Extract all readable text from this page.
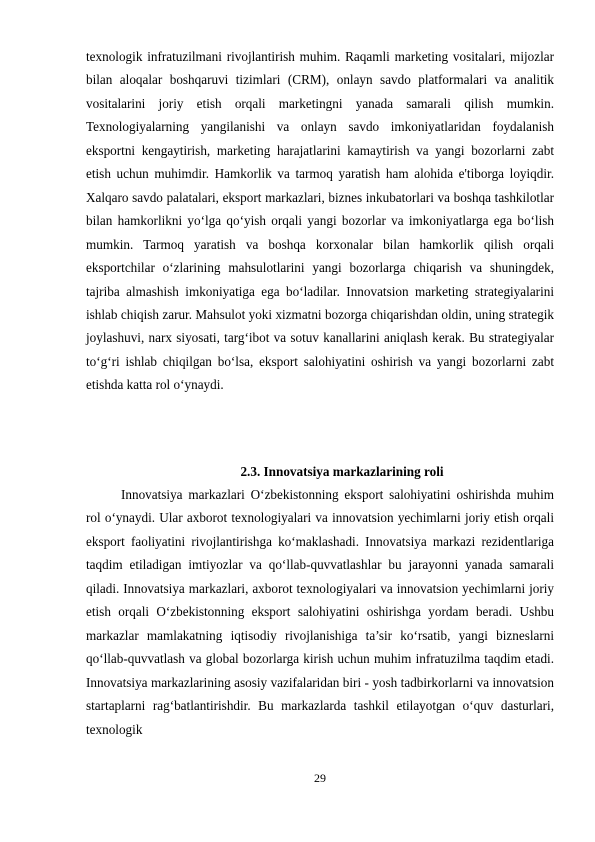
texnologik infratuzilmani rivojlantirish muhim. Raqamli marketing vositalari, mijozlar bilan aloqalar boshqaruvi tizimlari (CRM), onlayn savdo platformalari va analitik vositalarini joriy etish orqali marketingni yanada samarali qilish mumkin. Texnologiyalarning yangilanishi va onlayn savdo imkoniyatlaridan foydalanish eksportni kengaytirish, marketing harajatlarini kamaytirish va yangi bozorlarni zabt etish uchun muhimdir. Hamkorlik va tarmoq yaratish ham alohida e'tiborga loyiqdir. Xalqaro savdo palatalari, eksport markazlari, biznes inkubatorlari va boshqa tashkilotlar bilan hamkorlikni yo‘lga qo‘yish orqali yangi bozorlar va imkoniyatlarga ega bo‘lish mumkin. Tarmoq yaratish va boshqa korxonalar bilan hamkorlik qilish orqali eksportchilar o‘zlarining mahsulotlarini yangi bozorlarga chiqarish va shuningdek, tajriba almashish imkoniyatiga ega bo‘ladilar. Innovatsion marketing strategiyalarini ishlab chiqish zarur. Mahsulot yoki xizmatni bozorga chiqarishdan oldin, uning strategik joylashuvi, narx siyosati, targ‘ibot va sotuv kanallarini aniqlash kerak. Bu strategiyalar to‘g‘ri ishlab chiqilgan bo‘lsa, eksport salohiyatini oshirish va yangi bozorlarni zabt etishda katta rol o‘ynaydi.

2.3. Innovatsiya markazlarining roli

Innovatsiya markazlari O‘zbekistonning eksport salohiyatini oshirishda muhim rol o‘ynaydi. Ular axborot texnologiyalari va innovatsion yechimlarni joriy etish orqali eksport faoliyatini rivojlantirishga ko‘maklashadi. Innovatsiya markazi rezidentlariga taqdim etiladigan imtiyozlar va qo‘llab-quvvatlashlar bu jarayonni yanada samarali qiladi. Innovatsiya markazlari, axborot texnologiyalari va innovatsion yechimlarni joriy etish orqali O‘zbekistonning eksport salohiyatini oshirishga yordam beradi. Ushbu markazlar mamlakatning iqtisodiy rivojlanishiga ta’sir ko‘rsatib, yangi bizneslarni qo‘llab-quvvatlash va global bozorlarga kirish uchun muhim infratuzilma taqdim etadi. Innovatsiya markazlarining asosiy vazifalaridan biri - yosh tadbirkorlarni va innovatsion startaplarni rag‘batlantirishdir. Bu markazlarda tashkil etilayotgan o‘quv dasturlari, texnologik

29
